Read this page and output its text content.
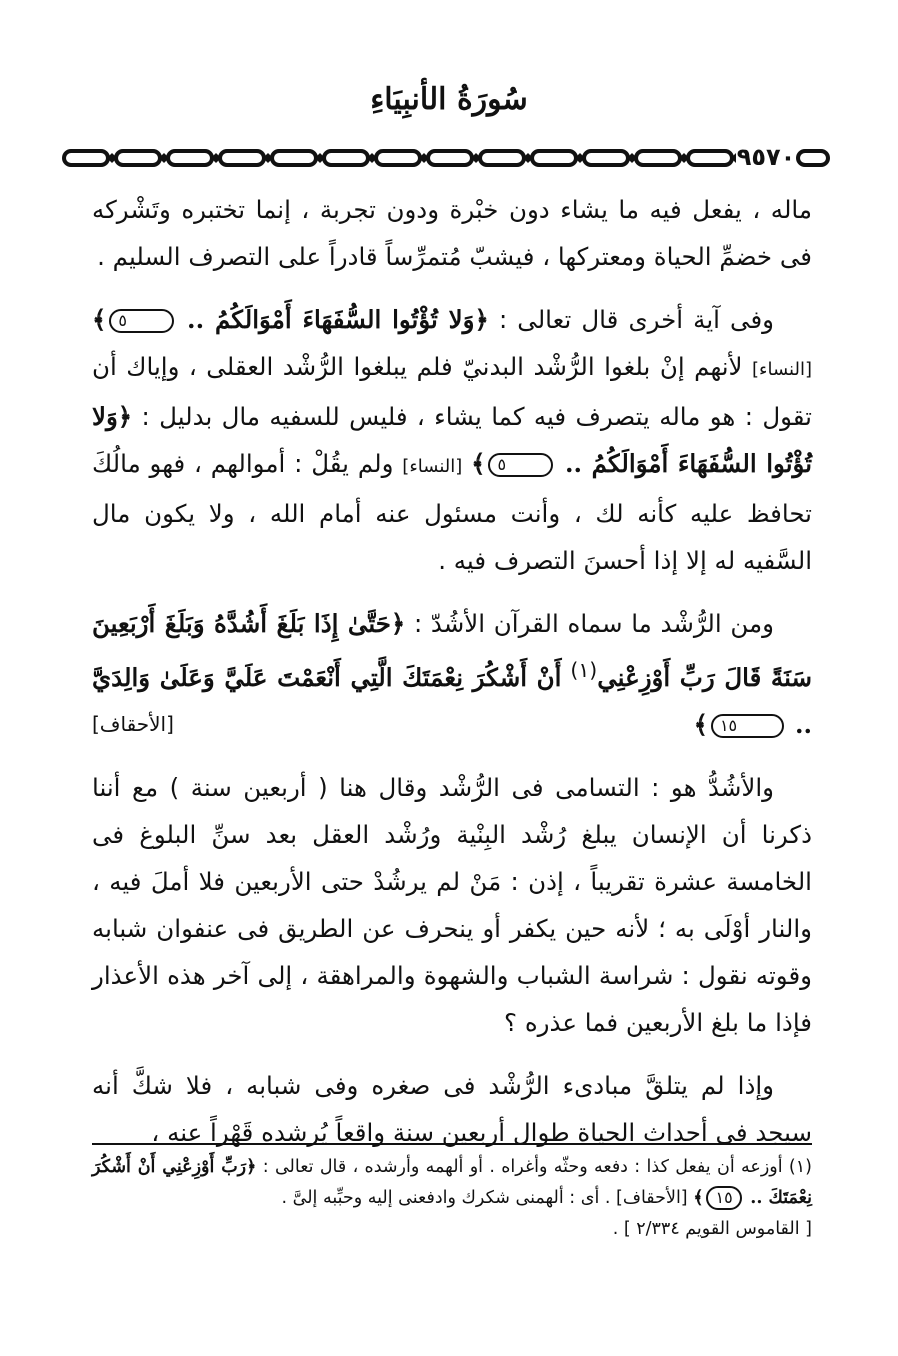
سُورَةُ الأنبِيَاءِ
٩٥٧٠

ماله ، يفعل فيه ما يشاء دون خبْرة ودون تجربة ، إنما تختبره وتَشْركه فى خضمِّ الحياة ومعتركها ، فيشبّ مُتمرِّساً قادراً على التصرف السليم .

وفى آية أخرى قال تعالى : ﴿وَلا تُؤْتُوا السُّفَهَاءَ أَمْوَالَكُمُ .. ٥﴾ [النساء] لأنهم إنْ بلغوا الرُّشْد البدنيّ فلم يبلغوا الرُّشْد العقلى ، وإياك أن تقول : هو ماله يتصرف فيه كما يشاء ، فليس للسفيه مال بدليل : ﴿وَلا تُؤْتُوا السُّفَهَاءَ أَمْوَالَكُمُ .. ٥﴾ [النساء] ولم يقُلْ : أموالهم ، فهو مالُكَ تحافظ عليه كأنه لك ، وأنت مسئول عنه أمام الله ، ولا يكون مال السَّفيه له إلا إذا أحسنَ التصرف فيه .

ومن الرُّشْد ما سماه القرآن الأشُدّ : ﴿حَتَّىٰ إِذَا بَلَغَ أَشُدَّهُ وَبَلَغَ أَرْبَعِينَ سَنَةً قَالَ رَبِّ أَوْزِعْنِي$^{(١)}$ أَنْ أَشْكُرَ نِعْمَتَكَ الَّتِي أَنْعَمْتَ عَلَيَّ وَعَلَىٰ وَالِدَيَّ .. ١٥﴾
[الأحقاف]

والأشُدُّ هو : التسامى فى الرُّشْد وقال هنا ( أربعين سنة ) مع أننا ذكرنا أن الإنسان يبلغ رُشْد البِنْية ورُشْد العقل بعد سنِّ البلوغ فى الخامسة عشرة تقريباً ، إذن : مَنْ لم يرشُدْ حتى الأربعين فلا أملَ فيه ، والنار أوْلَى به ؛ لأنه حين يكفر أو ينحرف عن الطريق فى عنفوان شبابه وقوته نقول : شراسة الشباب والشهوة والمراهقة ، إلى آخر هذه الأعذار فإذا ما بلغ الأربعين فما عذره ؟

وإذا لم يتلقَّ مبادىء الرُّشْد فى صغره وفى شبابه ، فلا شكَّ أنه سيجد فى أحداث الحياة طوال أربعين سنة واقعاً يُرشده قَهْراً عنه ،

(١) أوزعه أن يفعل كذا : دفعه وحثّه وأغراه . أو ألهمه وأرشده ، قال تعالى : ﴿رَبِّ أَوْزِعْنِي أَنْ أَشْكُرَ نِعْمَتَكَ .. ١٥﴾ [الأحقاف] . أى : ألهمنى شكرك وادفعنى إليه وحبِّبه إلىَّ .
[ القاموس القويم ٢/٣٣٤ ] .
